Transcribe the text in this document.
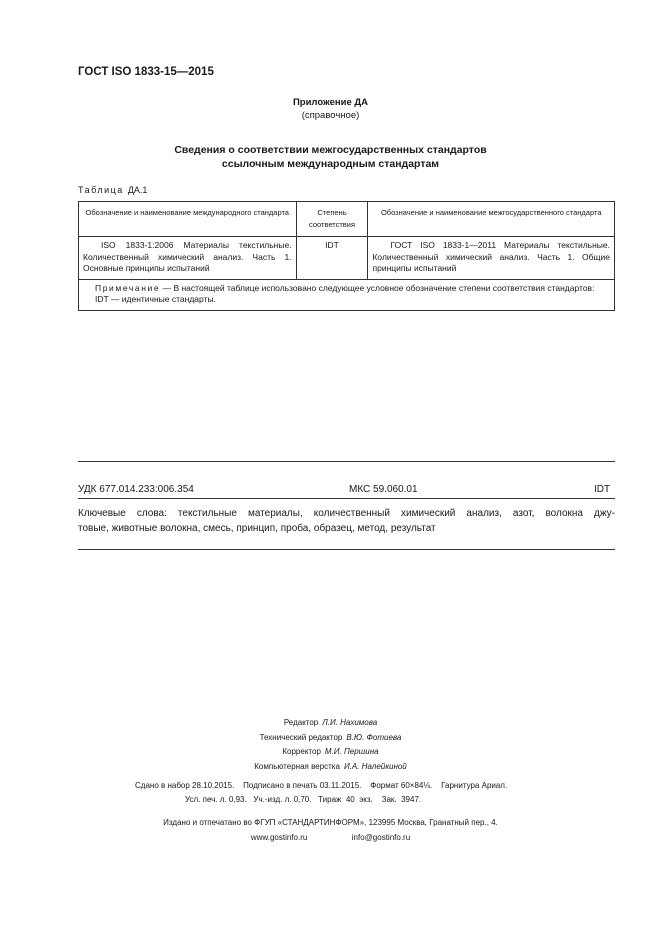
ГОСТ ISO 1833-15—2015
Приложение ДА
(справочное)
Сведения о соответствии межгосударственных стандартов
ссылочным международным стандартам
Таблица ДА.1
Обозначение и наименование международного стандарта	Степень соответствия	Обозначение и наименование межгосударственного стандарта
ISO 1833-1:2006 Материалы текстильные. Количественный химический анализ. Часть 1. Основные принципы испытаний	IDT	ГОСТ ISO 1833-1—2011 Материалы текстильные. Количественный химический анализ. Часть 1. Общие принципы испытаний

Примечание — В настоящей таблице использовано следующее условное обозначение степени соответствия стандартов:
IDT — идентичные стандарты.		
УДК 677.014.233:006.354	МКС 59.060.01	IDT
Ключевые слова: текстильные материалы, количественный химический анализ, азот, волокна джу-
товые, животные волокна, смесь, принцип, проба, образец, метод, результат
Редактор Л.И. Нахимова
Технический редактор В.Ю. Фотиева
Корректор М.И. Першина
Компьютерная верстка И.А. Налейкиной
Сдано в набор 28.10.2015.    Подписано в печать 03.11.2015.    Формат 60×84⅛.    Гарнитура Ариал.
Усл. печ. л. 0,93.   Уч.-изд. л. 0,70.   Тираж  40  экз.    Зак.  3947.
Издано и отпечатано во ФГУП «СТАНДАРТИНФОРМ», 123995 Москва, Гранатный пер., 4.
www.gostinfo.ru	info@gostinfo.ru
